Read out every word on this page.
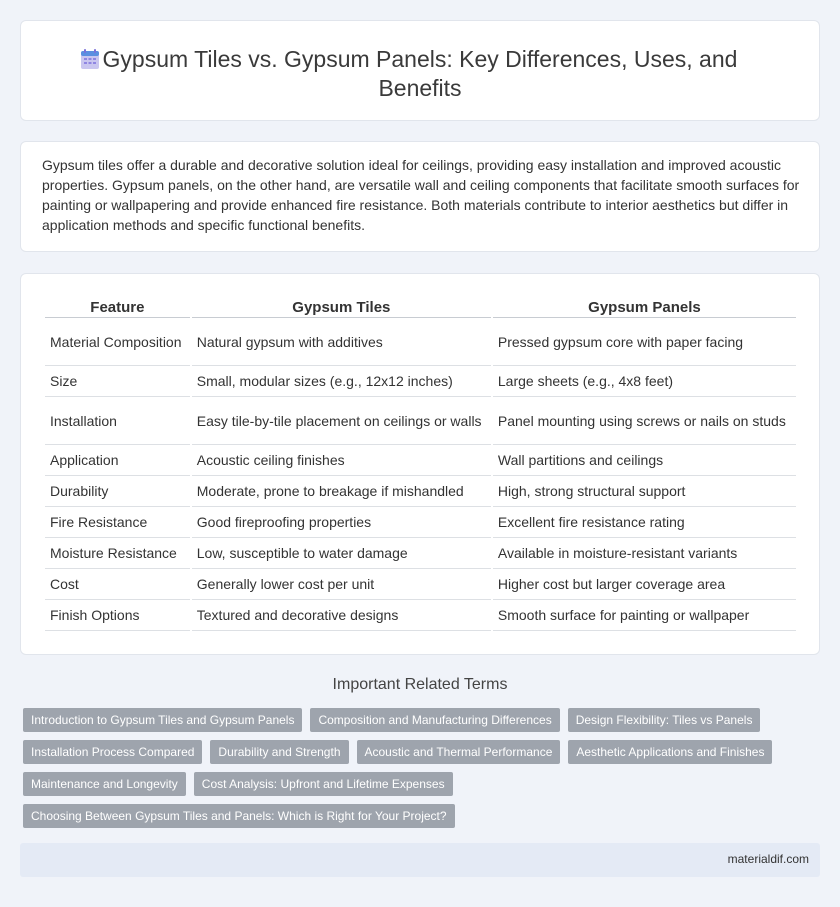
Gypsum Tiles vs. Gypsum Panels: Key Differences, Uses, and Benefits

Gypsum tiles offer a durable and decorative solution ideal for ceilings, providing easy installation and improved acoustic properties. Gypsum panels, on the other hand, are versatile wall and ceiling components that facilitate smooth surfaces for painting or wallpapering and provide enhanced fire resistance. Both materials contribute to interior aesthetics but differ in application methods and specific functional benefits.

Feature	Gypsum Tiles	Gypsum Panels
Material Composition	Natural gypsum with additives	Pressed gypsum core with paper facing
Size	Small, modular sizes (e.g., 12x12 inches)	Large sheets (e.g., 4x8 feet)
Installation	Easy tile-by-tile placement on ceilings or walls	Panel mounting using screws or nails on studs
Application	Acoustic ceiling finishes	Wall partitions and ceilings
Durability	Moderate, prone to breakage if mishandled	High, strong structural support
Fire Resistance	Good fireproofing properties	Excellent fire resistance rating
Moisture Resistance	Low, susceptible to water damage	Available in moisture-resistant variants
Cost	Generally lower cost per unit	Higher cost but larger coverage area
Finish Options	Textured and decorative designs	Smooth surface for painting or wallpaper
Important Related Terms
Introduction to Gypsum Tiles and Gypsum Panels	Composition and Manufacturing Differences	Design Flexibility: Tiles vs Panels
Installation Process Compared	Durability and Strength	Acoustic and Thermal Performance	Aesthetic Applications and Finishes
Maintenance and Longevity	Cost Analysis: Upfront and Lifetime Expenses
Choosing Between Gypsum Tiles and Panels: Which is Right for Your Project?
materialdif.com
